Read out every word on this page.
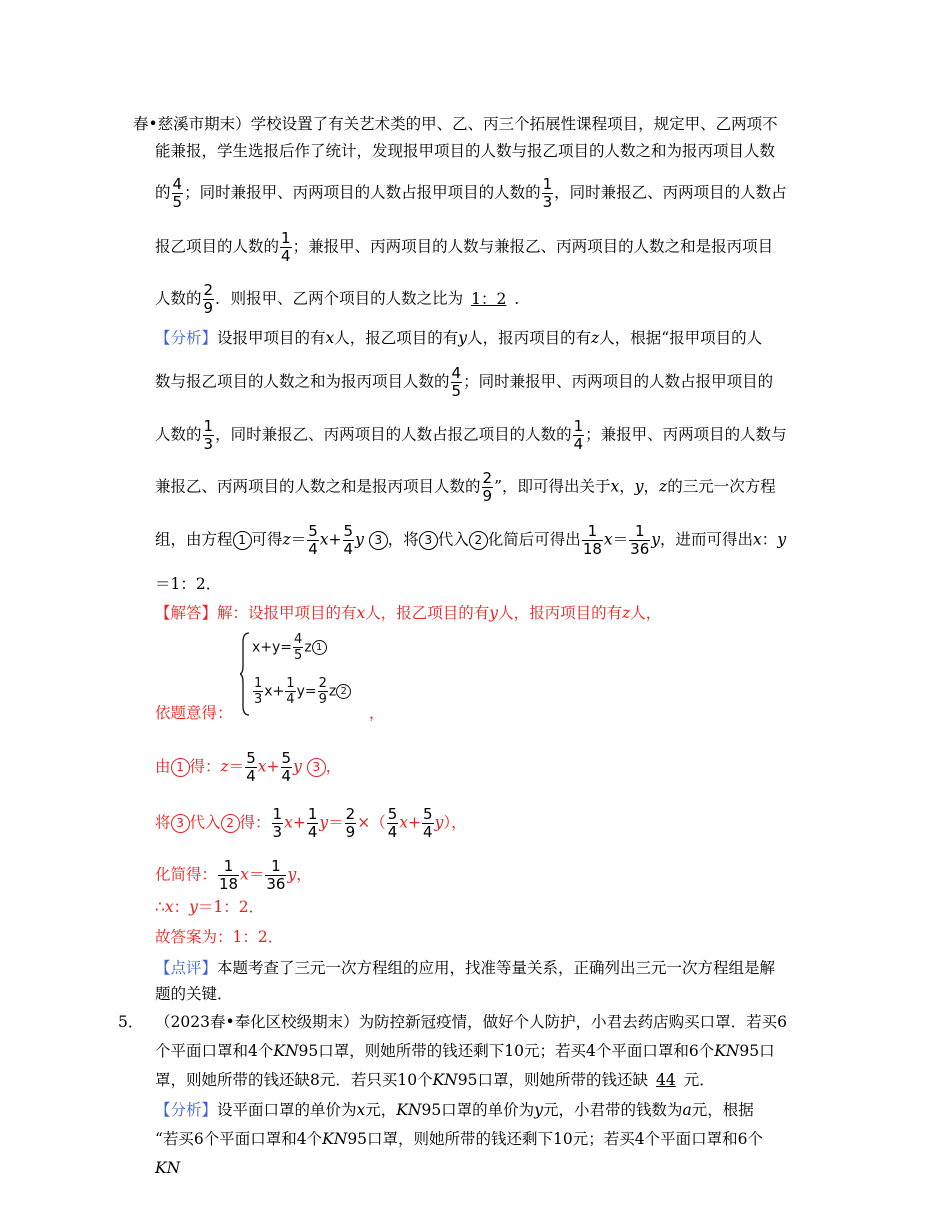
春•慈溪市期末）学校设置了有关艺术类的甲、乙、丙三个拓展性课程项目，规定甲、乙两项不
能兼报，学生选报后作了统计，发现报甲项目的人数与报乙项目的人数之和为报丙项目人数
的 $\frac{4}{5}$ ；同时兼报甲、丙两项目的人数占报甲项目的人数的 $\frac{1}{3}$ ，同时兼报乙、丙两项目的人数占
报乙项目的人数的 $\frac{1}{4}$ ；兼报甲、丙两项目的人数与兼报乙、丙两项目的人数之和是报丙项目
人数的 $\frac{2}{9}$ ．则报甲、乙两个项目的人数之比为 1：2 ．
【分析】设报甲项目的有x人，报乙项目的有y人，报丙项目的有z人，根据“报甲项目的人
数与报乙项目的人数之和为报丙项目人数的 $\frac{4}{5}$ ；同时兼报甲、丙两项目的人数占报甲项目的
人数的 $\frac{1}{3}$ ，同时兼报乙、丙两项目的人数占报乙项目的人数的 $\frac{1}{4}$ ；兼报甲、丙两项目的人数与
兼报乙、丙两项目的人数之和是报丙项目人数的 $\frac{2}{9}$ ”，即可得出关于x，y，z的三元一次方程
组，由方程 1 可得$z= \frac{5}{4} x+ \frac{5}{4}$ y 3 ，将 3 代入 2 化简后可得出 $\frac{1}{18} x= \frac{1}{36}$ y，进而可得出x：y
＝1：2．
【解答】解：设报甲项目的有x人，报乙项目的有y人，报丙项目的有z人，
$x+y= \frac{4}{5}$ z 1
$\frac{1}{3} x+ \frac{1}{4} y= \frac{2}{9}$ z 2
依题意得：	，
由 1 得：$z= \frac{5}{4} x+ \frac{5}{4}$ y 3 ，
将 3 代入 2 得： $\frac{1}{3} x+ \frac{1}{4} y= \frac{2}{9}$ ×（ $\frac{5}{4} x+ \frac{5}{4} y$），
化简得： $\frac{1}{18} x= \frac{1}{36}$ y，
∴x：y＝1：2．
故答案为：1：2．
【点评】本题考查了三元一次方程组的应用，找准等量关系，正确列出三元一次方程组是解
题的关键．
5． （2023春•奉化区校级期末）为防控新冠疫情，做好个人防护，小君去药店购买口罩．若买6
个平面口罩和4个KN95口罩，则她所带的钱还剩下10元；若买4个平面口罩和6个KN95口
罩，则她所带的钱还缺8元．若只买10个KN95口罩，则她所带的钱还缺 44 元．
【分析】设平面口罩的单价为x元，KN95口罩的单价为y元，小君带的钱数为a元，根据
“若买6个平面口罩和4个KN95口罩，则她所带的钱还剩下10元；若买4个平面口罩和6个
KN
